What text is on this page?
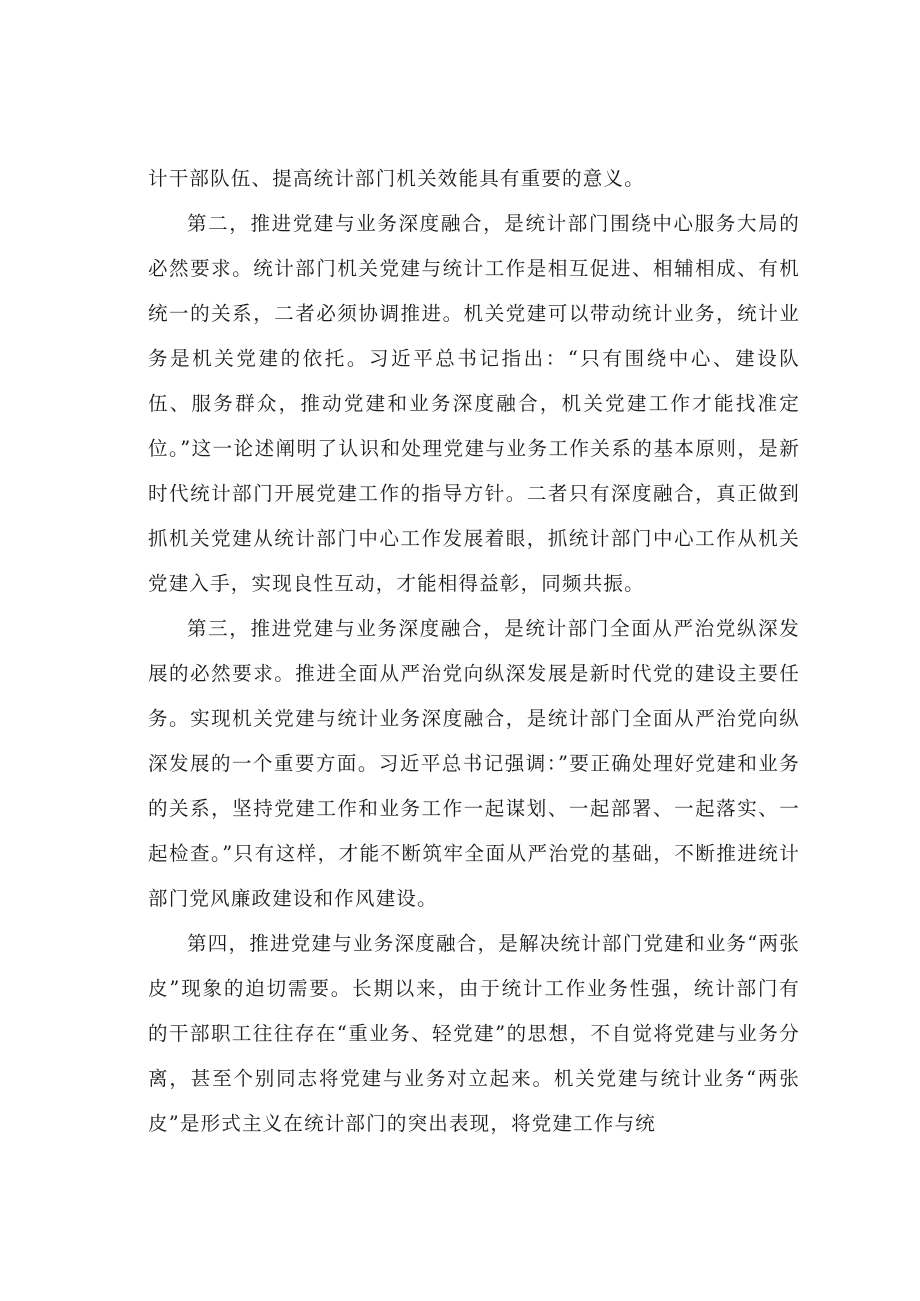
计干部队伍、提高统计部门机关效能具有重要的意义。

第二，推进党建与业务深度融合，是统计部门围绕中心服务大局的必然要求。统计部门机关党建与统计工作是相互促进、相辅相成、有机统一的关系，二者必须协调推进。机关党建可以带动统计业务，统计业务是机关党建的依托。习近平总书记指出：“只有围绕中心、建设队伍、服务群众，推动党建和业务深度融合，机关党建工作才能找准定位。”这一论述阐明了认识和处理党建与业务工作关系的基本原则，是新时代统计部门开展党建工作的指导方针。二者只有深度融合，真正做到抓机关党建从统计部门中心工作发展着眼，抓统计部门中心工作从机关党建入手，实现良性互动，才能相得益彰，同频共振。

第三，推进党建与业务深度融合，是统计部门全面从严治党纵深发展的必然要求。推进全面从严治党向纵深发展是新时代党的建设主要任务。实现机关党建与统计业务深度融合，是统计部门全面从严治党向纵深发展的一个重要方面。习近平总书记强调：”要正确处理好党建和业务的关系，坚持党建工作和业务工作一起谋划、一起部署、一起落实、一起检查。”只有这样，才能不断筑牢全面从严治党的基础，不断推进统计部门党风廉政建设和作风建设。

第四，推进党建与业务深度融合，是解决统计部门党建和业务“两张皮”现象的迫切需要。长期以来，由于统计工作业务性强，统计部门有的干部职工往往存在“重业务、轻党建”的思想，不自觉将党建与业务分离，甚至个别同志将党建与业务对立起来。机关党建与统计业务“两张皮”是形式主义在统计部门的突出表现，将党建工作与统
